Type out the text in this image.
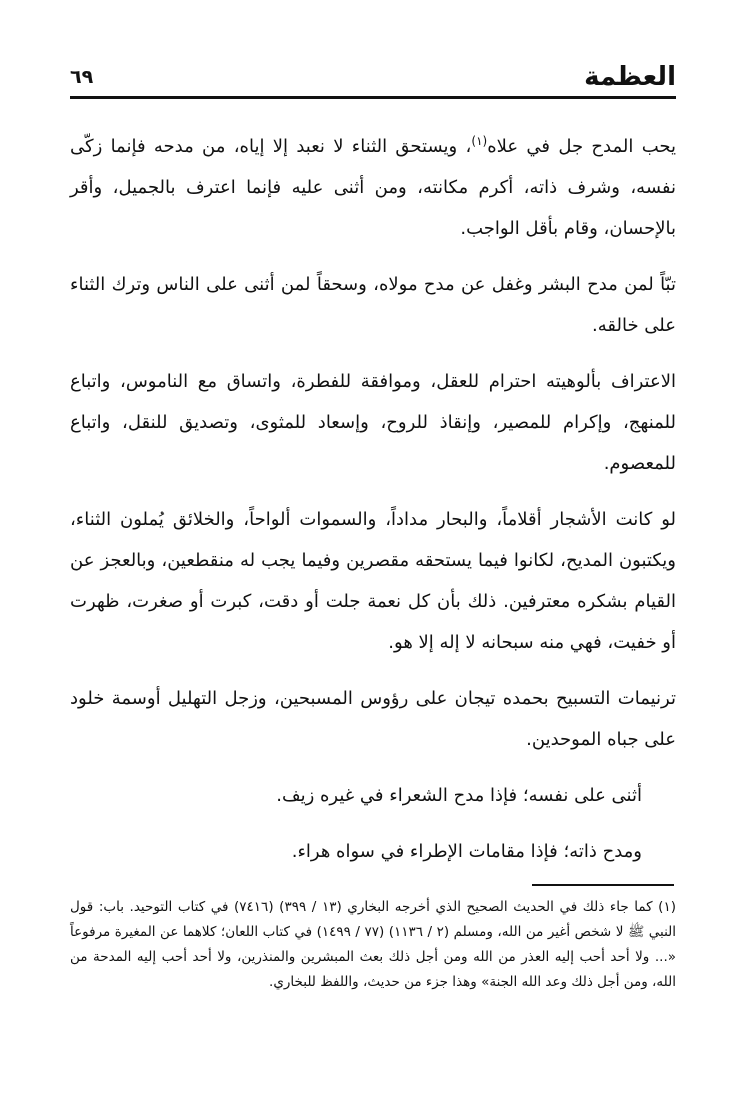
العظمة
٦٩

يحب المدح جل في علاه$^{(١)}$، ويستحق الثناء لا نعبد إلا إياه، من مدحه فإنما زكّى نفسه، وشرف ذاته، أكرم مكانته، ومن أثنى عليه فإنما اعترف بالجميل، وأقر بالإحسان، وقام بأقل الواجب.

تبّاً لمن مدح البشر وغفل عن مدح مولاه، وسحقاً لمن أثنى على الناس وترك الثناء على خالقه.

الاعتراف بألوهيته احترام للعقل، وموافقة للفطرة، واتساق مع الناموس، واتباع للمنهج، وإكرام للمصير، وإنقاذ للروح، وإسعاد للمثوى، وتصديق للنقل، واتباع للمعصوم.

لو كانت الأشجار أقلاماً، والبحار مداداً، والسموات ألواحاً، والخلائق يُملون الثناء، ويكتبون المديح، لكانوا فيما يستحقه مقصرين وفيما يجب له منقطعين، وبالعجز عن القيام بشكره معترفين. ذلك بأن كل نعمة جلت أو دقت، كبرت أو صغرت، ظهرت أو خفيت، فهي منه سبحانه لا إله إلا هو.

ترنيمات التسبيح بحمده تيجان على رؤوس المسبحين، وزجل التهليل أوسمة خلود على جباه الموحدين.

أثنى على نفسه؛ فإذا مدح الشعراء في غيره زيف.

ومدح ذاته؛ فإذا مقامات الإطراء في سواه هراء.

(١) كما جاء ذلك في الحديث الصحيح الذي أخرجه البخاري (١٣ / ٣٩٩) (٧٤١٦) في كتاب التوحيد. باب: قول النبي ﷺ لا شخص أغير من الله، ومسلم (٢ / ١١٣٦) (٧٧ / ١٤٩٩) في كتاب اللعان؛ كلاهما عن المغيرة مرفوعاً «... ولا أحد أحب إليه العذر من الله ومن أجل ذلك بعث المبشرين والمنذرين، ولا أحد أحب إليه المدحة من الله، ومن أجل ذلك وعد الله الجنة» وهذا جزء من حديث، واللفظ للبخاري.
